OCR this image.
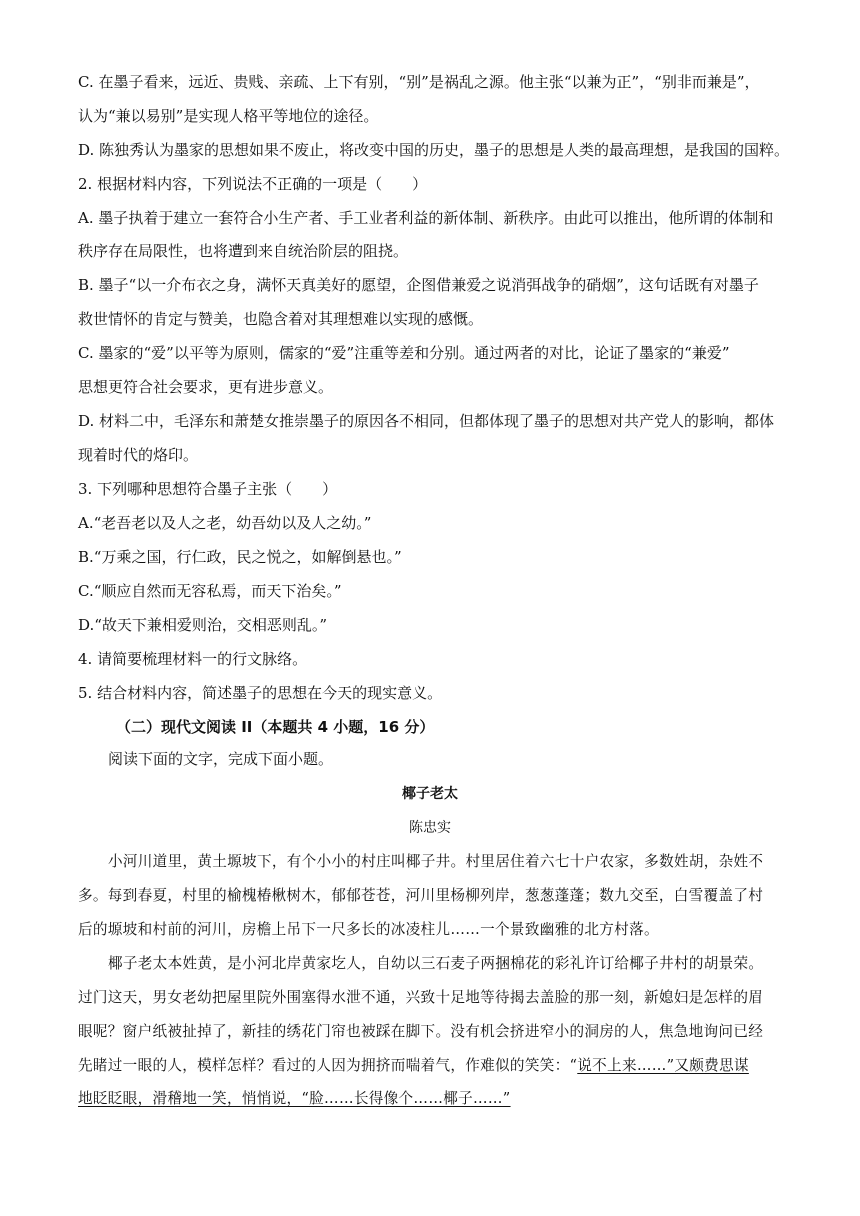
C. 在墨子看来，远近、贵贱、亲疏、上下有别，“别”是祸乱之源。他主张“以兼为正”，“别非而兼是”，
认为“兼以易别”是实现人格平等地位的途径。
D. 陈独秀认为墨家的思想如果不废止，将改变中国的历史，墨子的思想是人类的最高理想，是我国的国粹。
2. 根据材料内容，下列说法不正确的一项是（　　）
A. 墨子执着于建立一套符合小生产者、手工业者利益的新体制、新秩序。由此可以推出，他所谓的体制和
秩序存在局限性，也将遭到来自统治阶层的阻挠。
B. 墨子“以一介布衣之身，满怀天真美好的愿望，企图借兼爱之说消弭战争的硝烟”，这句话既有对墨子
救世情怀的肯定与赞美，也隐含着对其理想难以实现的感慨。
C. 墨家的“爱”以平等为原则，儒家的“爱”注重等差和分别。通过两者的对比，论证了墨家的“兼爱”
思想更符合社会要求，更有进步意义。
D. 材料二中，毛泽东和萧楚女推崇墨子的原因各不相同，但都体现了墨子的思想对共产党人的影响，都体
现着时代的烙印。
3. 下列哪种思想符合墨子主张（　　）
A.“老吾老以及人之老，幼吾幼以及人之幼。”
B.“万乘之国，行仁政，民之悦之，如解倒悬也。”
C.“顺应自然而无容私焉，而天下治矣。”
D.“故天下兼相爱则治，交相恶则乱。”
4. 请简要梳理材料一的行文脉络。
5. 结合材料内容，简述墨子的思想在今天的现实意义。
（二）现代文阅读 II（本题共 4 小题，16 分）
阅读下面的文字，完成下面小题。
椰子老太
陈忠实
小河川道里，黄土塬坡下，有个小小的村庄叫椰子井。村里居住着六七十户农家，多数姓胡，杂姓不
多。每到春夏，村里的榆槐椿楸树木，郁郁苍苍，河川里杨柳列岸，葱葱蓬蓬；数九交至，白雪覆盖了村
后的塬坡和村前的河川，房檐上吊下一尺多长的冰凌柱儿……一个景致幽雅的北方村落。
椰子老太本姓黄，是小河北岸黄家圪人，自幼以三石麦子两捆棉花的彩礼许订给椰子井村的胡景荣。
过门这天，男女老幼把屋里院外围塞得水泄不通，兴致十足地等待揭去盖脸的那一刻，新媳妇是怎样的眉
眼呢？窗户纸被扯掉了，新挂的绣花门帘也被踩在脚下。没有机会挤进窄小的洞房的人，焦急地询问已经
先睹过一眼的人，模样怎样？看过的人因为拥挤而喘着气，作难似的笑笑：“说不上来……”又颇费思谋
地眨眨眼，滑稽地一笑，悄悄说，“脸……长得像个……椰子……”
